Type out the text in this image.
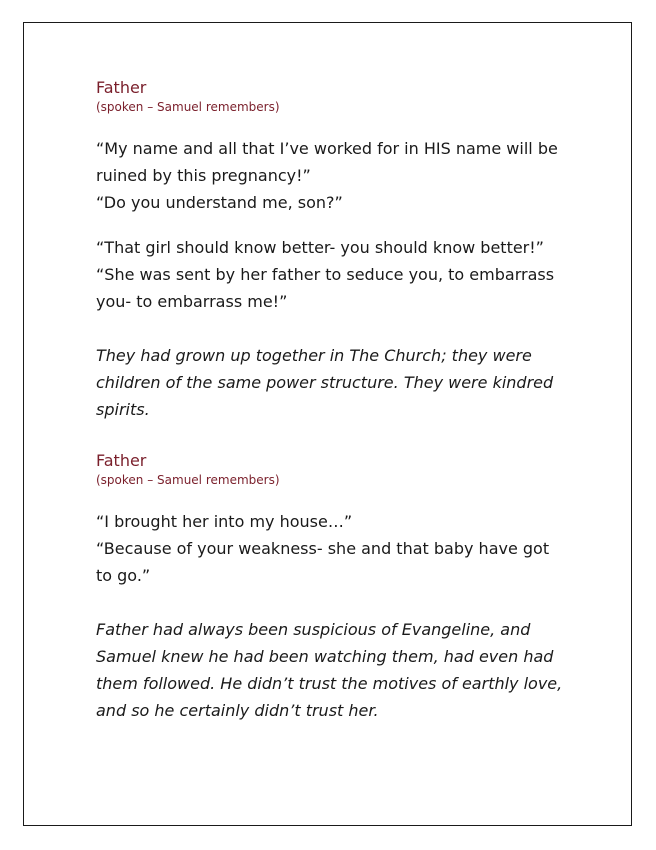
Father

(spoken – Samuel remembers)

“My name and all that I’ve worked for in HIS name will be

ruined by this pregnancy!”

“Do you understand me, son?”

“That girl should know better- you should know better!”

“She was sent by her father to seduce you, to embarrass

you- to embarrass me!”

They had grown up together in The Church; they were

children of the same power structure. They were kindred

spirits.

Father

(spoken – Samuel remembers)

“I brought her into my house…”

“Because of your weakness- she and that baby have got

to go.”

Father had always been suspicious of Evangeline, and

Samuel knew he had been watching them, had even had

them followed. He didn’t trust the motives of earthly love,

and so he certainly didn’t trust her.
